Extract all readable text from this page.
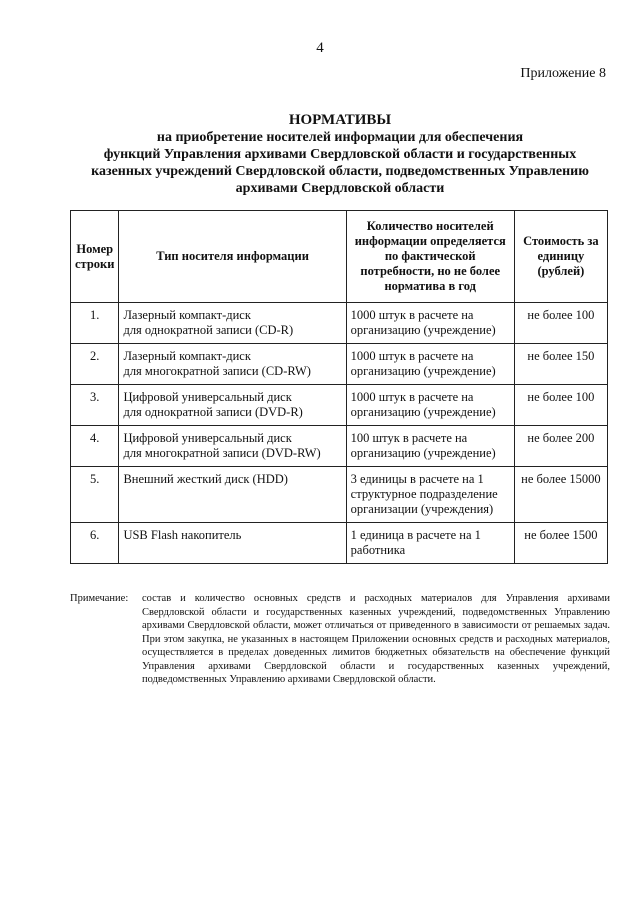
4
Приложение 8
НОРМАТИВЫ
на приобретение носителей информации для обеспечения
функций Управления архивами Свердловской области и государственных
казенных учреждений Свердловской области, подведомственных Управлению
архивами Свердловской области
Номер строки	Тип носителя информации	Количество носителей информации определяется по фактической потребности, но не более норматива в год	Стоимость за единицу (рублей)
1.	Лазерный компакт-диск
для однократной записи (CD-R)	1000 штук в расчете на организацию (учреждение)	не более 100
2.	Лазерный компакт-диск
для многократной записи (CD-RW)	1000 штук в расчете на организацию (учреждение)	не более 150
3.	Цифровой универсальный диск
для однократной записи (DVD-R)	1000 штук в расчете на организацию (учреждение)	не более 100
4.	Цифровой универсальный диск
для многократной записи (DVD-RW)	100 штук в расчете на организацию (учреждение)	не более 200
5.	Внешний жесткий диск (HDD)	3 единицы в расчете на 1 структурное подразделение организации (учреждения)	не более 15000
6.	USB Flash накопитель	1 единица в расчете на 1 работника	не более 1500
Примечание: состав и количество основных средств и расходных материалов для Управления архивами Свердловской области и государственных казенных учреждений, подведомственных Управлению архивами Свердловской области, может отличаться от приведенного в зависимости от решаемых задач. При этом закупка, не указанных в настоящем Приложении основных средств и расходных материалов, осуществляется в пределах доведенных лимитов бюджетных обязательств на обеспечение функций Управления архивами Свердловской области и государственных казенных учреждений, подведомственных Управлению архивами Свердловской области.
